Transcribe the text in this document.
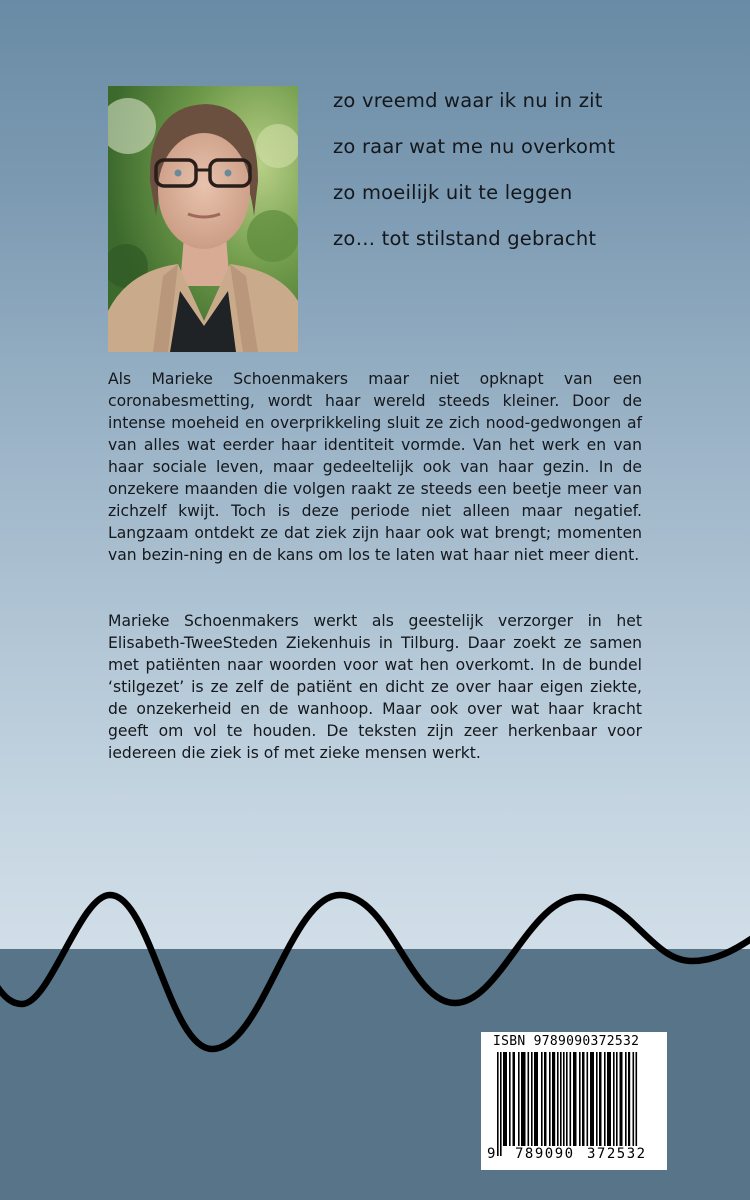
zo vreemd waar ik nu in zit
zo raar wat me nu overkomt
zo moeilijk uit te leggen
zo… tot stilstand gebracht

Als Marieke Schoenmakers maar niet opknapt van een coronabesmetting, wordt haar wereld steeds kleiner. Door de intense moeheid en overprikkeling sluit ze zich nood-gedwongen af van alles wat eerder haar identiteit vormde. Van het werk en van haar sociale leven, maar gedeeltelijk ook van haar gezin. In de onzekere maanden die volgen raakt ze steeds een beetje meer van zichzelf kwijt. Toch is deze periode niet alleen maar negatief. Langzaam ontdekt ze dat ziek zijn haar ook wat brengt; momenten van bezin-ning en de kans om los te laten wat haar niet meer dient.

Marieke Schoenmakers werkt als geestelijk verzorger in het Elisabeth-TweeSteden Ziekenhuis in Tilburg. Daar zoekt ze samen met patiënten naar woorden voor wat hen overkomt. In de bundel ‘stilgezet’ is ze zelf de patiënt en dicht ze over haar eigen ziekte, de onzekerheid en de wanhoop. Maar ook over wat haar kracht geeft om vol te houden. De teksten zijn zeer herkenbaar voor iedereen die ziek is of met zieke mensen werkt.

ISBN 9789090372532
9 789090 372532
